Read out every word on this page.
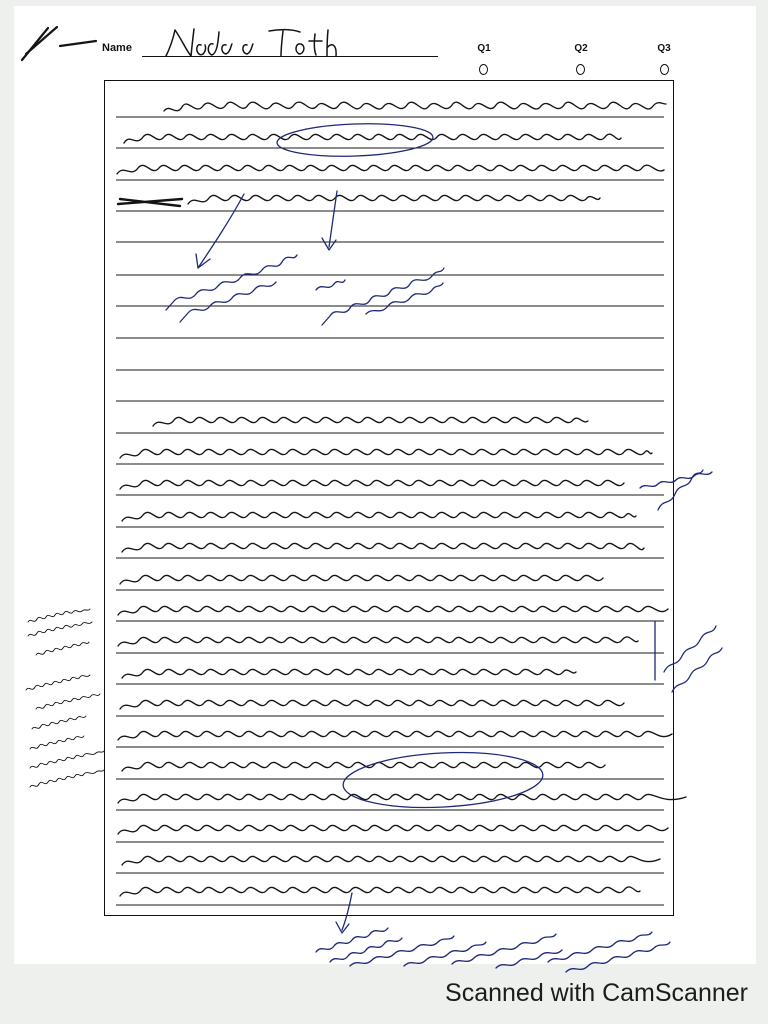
Name	Q1	Q2	Q3
Scanned with CamScanner
